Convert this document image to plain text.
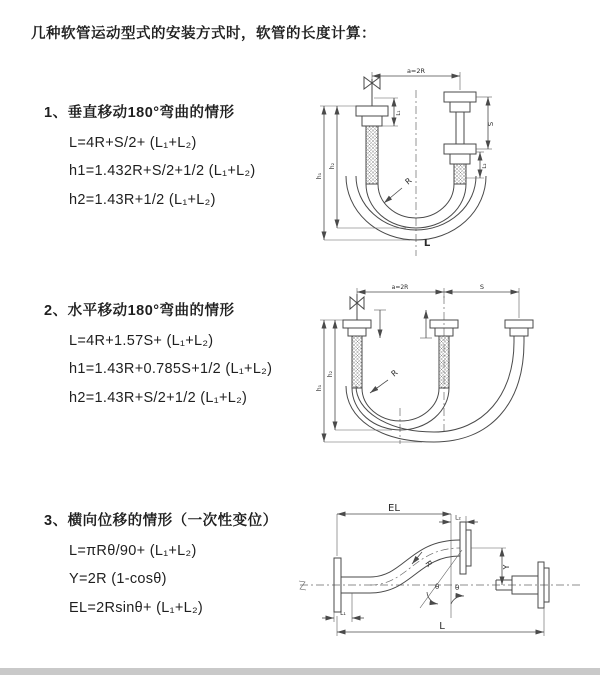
几种软管运动型式的安装方式时，软管的长度计算：
1、垂直移动180°弯曲的情形

L=4R+S/2+ (L₁+L₂)

h1=1.432R+S/2+1/2 (L₁+L₂)

h2=1.43R+1/2 (L₁+L₂)

2、水平移动180°弯曲的情形

L=4R+1.57S+ (L₁+L₂)

h1=1.43R+0.785S+1/2 (L₁+L₂)

h2=1.43R+S/2+1/2 (L₁+L₂)

3、横向位移的情形（一次性变位）

L=πRθ/90+ (L₁+L₂)

Y=2R (1-cosθ)

EL=2Rsinθ+ (L₁+L₂)

a=2R
h₁
h₂
S
L₂
L₁
R
L
a=2R	S
h₁
h₂	R
EL
L₂
Y
L
L₁
θ θ
R
